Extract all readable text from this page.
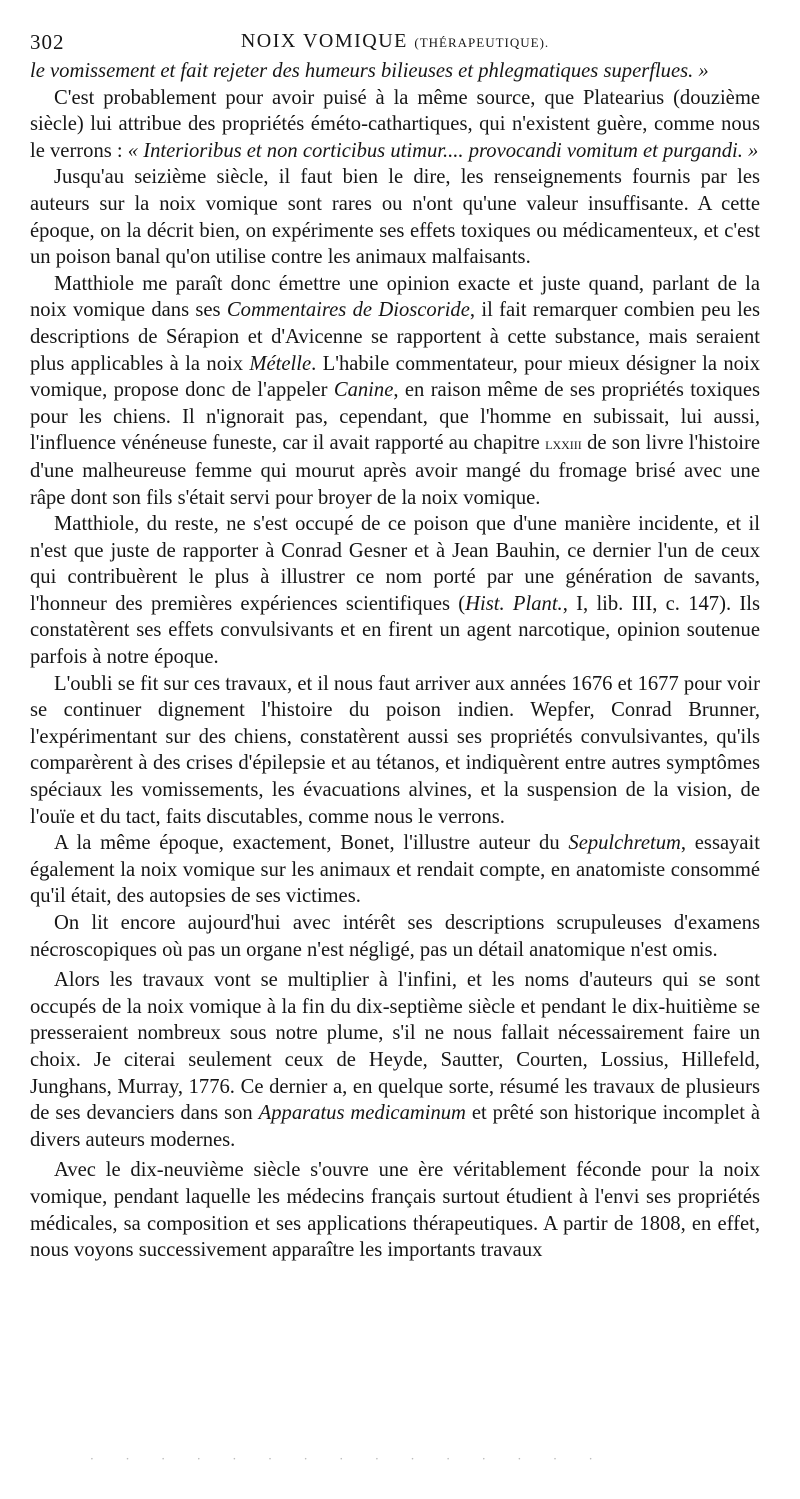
302	NOIX VOMIQUE (THÉRAPEUTIQUE).

le vomissement et fait rejeter des humeurs bilieuses et phlegmatiques superflues. »

C'est probablement pour avoir puisé à la même source, que Platearius (douzième siècle) lui attribue des propriétés éméto-cathartiques, qui n'existent guère, comme nous le verrons : « Interioribus et non corticibus utimur.... provocandi vomitum et purgandi. »

Jusqu'au seizième siècle, il faut bien le dire, les renseignements fournis par les auteurs sur la noix vomique sont rares ou n'ont qu'une valeur insuffisante. A cette époque, on la décrit bien, on expérimente ses effets toxiques ou médicamenteux, et c'est un poison banal qu'on utilise contre les animaux malfaisants.

Matthiole me paraît donc émettre une opinion exacte et juste quand, parlant de la noix vomique dans ses Commentaires de Dioscoride, il fait remarquer combien peu les descriptions de Sérapion et d'Avicenne se rapportent à cette substance, mais seraient plus applicables à la noix Mételle. L'habile commentateur, pour mieux désigner la noix vomique, propose donc de l'appeler Canine, en raison même de ses propriétés toxiques pour les chiens. Il n'ignorait pas, cependant, que l'homme en subissait, lui aussi, l'influence vénéneuse funeste, car il avait rapporté au chapitre lxxiii de son livre l'histoire d'une malheureuse femme qui mourut après avoir mangé du fromage brisé avec une râpe dont son fils s'était servi pour broyer de la noix vomique.

Matthiole, du reste, ne s'est occupé de ce poison que d'une manière incidente, et il n'est que juste de rapporter à Conrad Gesner et à Jean Bauhin, ce dernier l'un de ceux qui contribuèrent le plus à illustrer ce nom porté par une génération de savants, l'honneur des premières expériences scientifiques (Hist. Plant., I, lib. III, c. 147). Ils constatèrent ses effets convulsivants et en firent un agent narcotique, opinion soutenue parfois à notre époque.

L'oubli se fit sur ces travaux, et il nous faut arriver aux années 1676 et 1677 pour voir se continuer dignement l'histoire du poison indien. Wepfer, Conrad Brunner, l'expérimentant sur des chiens, constatèrent aussi ses propriétés convulsivantes, qu'ils comparèrent à des crises d'épilepsie et au tétanos, et indiquèrent entre autres symptômes spéciaux les vomissements, les évacuations alvines, et la suspension de la vision, de l'ouïe et du tact, faits discutables, comme nous le verrons.

A la même époque, exactement, Bonet, l'illustre auteur du Sepulchretum, essayait également la noix vomique sur les animaux et rendait compte, en anatomiste consommé qu'il était, des autopsies de ses victimes.

On lit encore aujourd'hui avec intérêt ses descriptions scrupuleuses d'examens nécroscopiques où pas un organe n'est négligé, pas un détail anatomique n'est omis.

Alors les travaux vont se multiplier à l'infini, et les noms d'auteurs qui se sont occupés de la noix vomique à la fin du dix-septième siècle et pendant le dix-huitième se presseraient nombreux sous notre plume, s'il ne nous fallait nécessairement faire un choix. Je citerai seulement ceux de Heyde, Sautter, Courten, Lossius, Hillefeld, Junghans, Murray, 1776. Ce dernier a, en quelque sorte, résumé les travaux de plusieurs de ses devanciers dans son Apparatus medicaminum et prêté son historique incomplet à divers auteurs modernes.

Avec le dix-neuvième siècle s'ouvre une ère véritablement féconde pour la noix vomique, pendant laquelle les médecins français surtout étudient à l'envi ses propriétés médicales, sa composition et ses applications thérapeutiques. A partir de 1808, en effet, nous voyons successivement apparaître les importants travaux

· · · · · · · · · · · · · · ·
